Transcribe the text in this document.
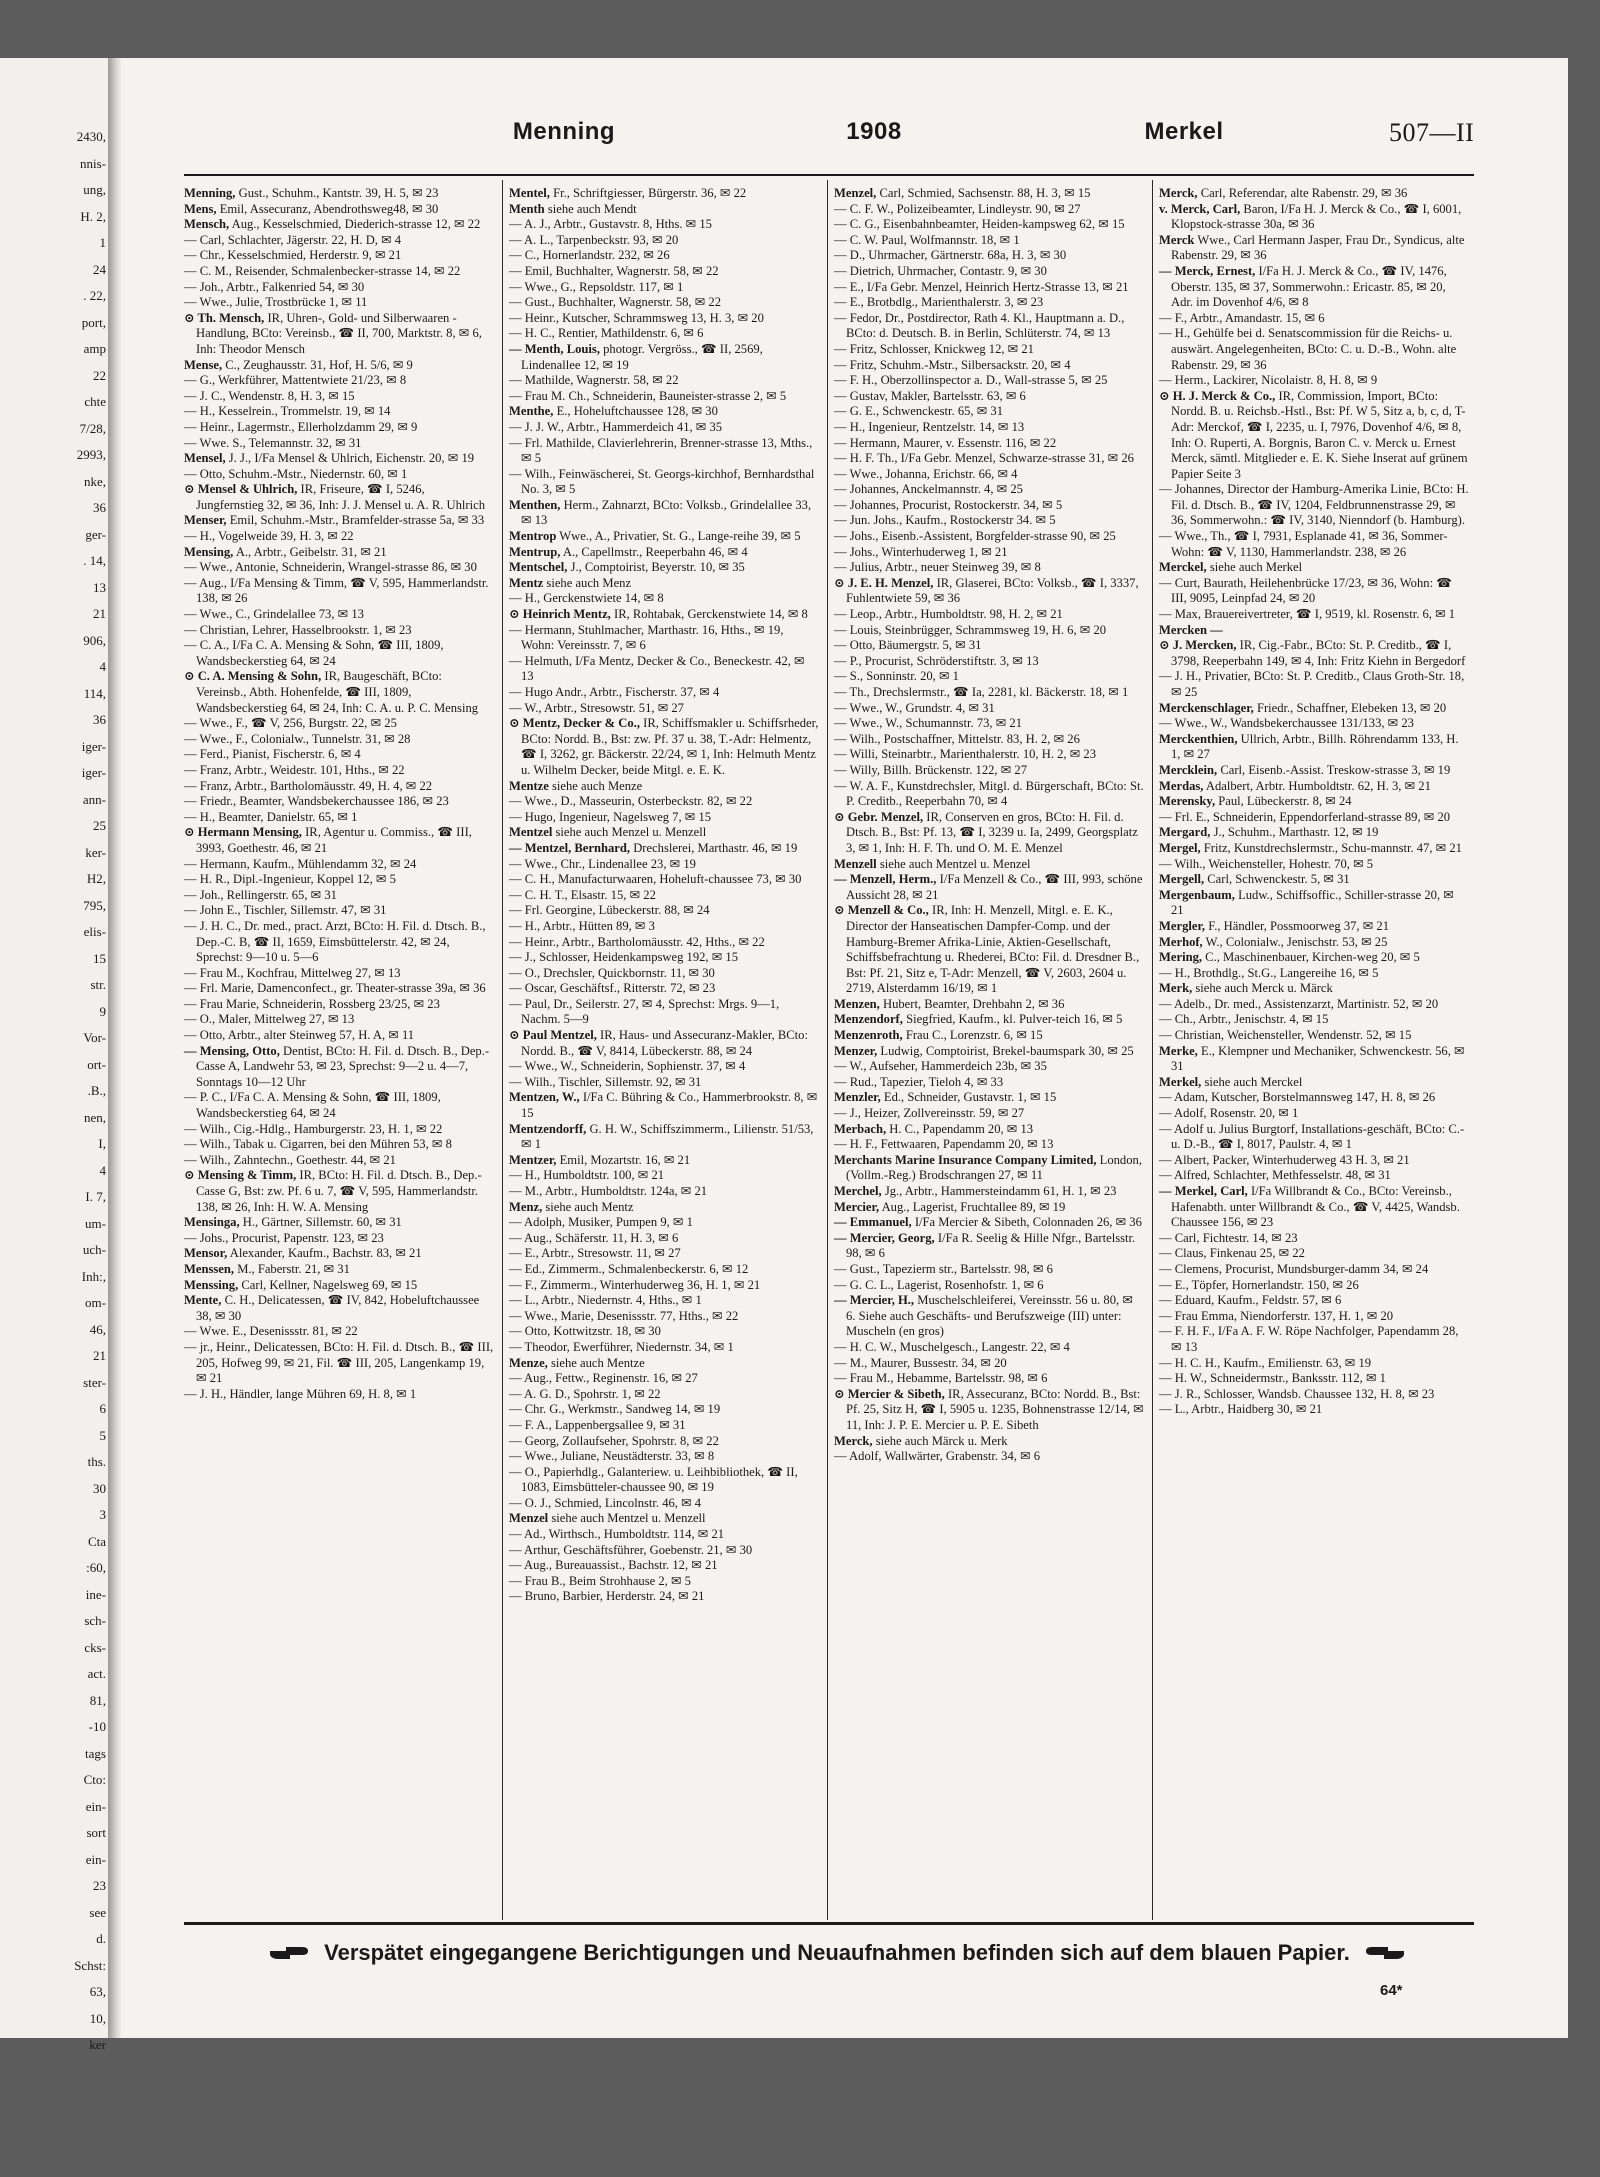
2430,
nnis-
ung,
H. 2,
1
24
. 22,
port,
amp
22
chte
7/28,
2993,
nke,
36
ger-
. 14,
13
21
906,
4
114,
36
iger-
iger-
ann-
25
ker-
H2,
795,
elis-
15
str.
9
Vor-
ort-
.B.,
nen,
I,
4
I. 7,
um-
uch-
Inh:,
om-
46,
21
ster-
6
5
ths.
30
3
Cta
:60,
ine-
sch-
cks-
act.
81,
-10
tags
Cto:
ein-
sort
ein-
23
see
d.
Schst:
63,
10,
ker
Menning	1908	Merkel	507—II

Menning, Gust., Schuhm., Kantstr. 39, H. 5, ✉ 23

Mens, Emil, Assecuranz, Abendrothsweg48, ✉ 30

Mensch, Aug., Kesselschmied, Diederich-strasse 12, ✉ 22

— Carl, Schlachter, Jägerstr. 22, H. D, ✉ 4

— Chr., Kesselschmied, Herderstr. 9, ✉ 21

— C. M., Reisender, Schmalenbecker-strasse 14, ✉ 22

— Joh., Arbtr., Falkenried 54, ✉ 30

— Wwe., Julie, Trostbrücke 1, ✉ 11

⊙ Th. Mensch, IR, Uhren-, Gold- und Silberwaaren - Handlung, BCto: Vereinsb., ☎ II, 700, Marktstr. 8, ✉ 6, Inh: Theodor Mensch

Mense, C., Zeughausstr. 31, Hof, H. 5/6, ✉ 9

— G., Werkführer, Mattentwiete 21/23, ✉ 8

— J. C., Wendenstr. 8, H. 3, ✉ 15

— H., Kesselrein., Trommelstr. 19, ✉ 14

— Heinr., Lagermstr., Ellerholzdamm 29, ✉ 9

— Wwe. S., Telemannstr. 32, ✉ 31

Mensel, J. J., I/Fa Mensel & Uhlrich, Eichenstr. 20, ✉ 19

— Otto, Schuhm.-Mstr., Niedernstr. 60, ✉ 1

⊙ Mensel & Uhlrich, IR, Friseure, ☎ I, 5246, Jungfernstieg 32, ✉ 36, Inh: J. J. Mensel u. A. R. Uhlrich

Menser, Emil, Schuhm.-Mstr., Bramfelder-strasse 5a, ✉ 33

— H., Vogelweide 39, H. 3, ✉ 22

Mensing, A., Arbtr., Geibelstr. 31, ✉ 21

— Wwe., Antonie, Schneiderin, Wrangel-strasse 86, ✉ 30

— Aug., I/Fa Mensing & Timm, ☎ V, 595, Hammerlandstr. 138, ✉ 26

— Wwe., C., Grindelallee 73, ✉ 13

— Christian, Lehrer, Hasselbrookstr. 1, ✉ 23

— C. A., I/Fa C. A. Mensing & Sohn, ☎ III, 1809, Wandsbeckerstieg 64, ✉ 24

⊙ C. A. Mensing & Sohn, IR, Baugeschäft, BCto: Vereinsb., Abth. Hohenfelde, ☎ III, 1809, Wandsbeckerstieg 64, ✉ 24, Inh: C. A. u. P. C. Mensing

— Wwe., F., ☎ V, 256, Burgstr. 22, ✉ 25

— Wwe., F., Colonialw., Tunnelstr. 31, ✉ 28

— Ferd., Pianist, Fischerstr. 6, ✉ 4

— Franz, Arbtr., Weidestr. 101, Hths., ✉ 22

— Franz, Arbtr., Bartholomäusstr. 49, H. 4, ✉ 22

— Friedr., Beamter, Wandsbekerchaussee 186, ✉ 23

— H., Beamter, Danielstr. 65, ✉ 1

⊙ Hermann Mensing, IR, Agentur u. Commiss., ☎ III, 3993, Goethestr. 46, ✉ 21

— Hermann, Kaufm., Mühlendamm 32, ✉ 24

— H. R., Dipl.-Ingenieur, Koppel 12, ✉ 5

— Joh., Rellingerstr. 65, ✉ 31

— John E., Tischler, Sillemstr. 47, ✉ 31

— J. H. C., Dr. med., pract. Arzt, BCto: H. Fil. d. Dtsch. B., Dep.-C. B, ☎ II, 1659, Eimsbüttelerstr. 42, ✉ 24, Sprechst: 9—10 u. 5—6

— Frau M., Kochfrau, Mittelweg 27, ✉ 13

— Frl. Marie, Damenconfect., gr. Theater-strasse 39a, ✉ 36

— Frau Marie, Schneiderin, Rossberg 23/25, ✉ 23

— O., Maler, Mittelweg 27, ✉ 13

— Otto, Arbtr., alter Steinweg 57, H. A, ✉ 11

— Mensing, Otto, Dentist, BCto: H. Fil. d. Dtsch. B., Dep.-Casse A, Landwehr 53, ✉ 23, Sprechst: 9—2 u. 4—7, Sonntags 10—12 Uhr

— P. C., I/Fa C. A. Mensing & Sohn, ☎ III, 1809, Wandsbeckerstieg 64, ✉ 24

— Wilh., Cig.-Hdlg., Hamburgerstr. 23, H. 1, ✉ 22

— Wilh., Tabak u. Cigarren, bei den Mühren 53, ✉ 8

— Wilh., Zahntechn., Goethestr. 44, ✉ 21

⊙ Mensing & Timm, IR, BCto: H. Fil. d. Dtsch. B., Dep.-Casse G, Bst: zw. Pf. 6 u. 7, ☎ V, 595, Hammerlandstr. 138, ✉ 26, Inh: H. W. A. Mensing

Mensinga, H., Gärtner, Sillemstr. 60, ✉ 31

— Johs., Procurist, Papenstr. 123, ✉ 23

Mensor, Alexander, Kaufm., Bachstr. 83, ✉ 21

Menssen, M., Faberstr. 21, ✉ 31

Menssing, Carl, Kellner, Nagelsweg 69, ✉ 15

Mente, C. H., Delicatessen, ☎ IV, 842, Hobeluftchaussee 38, ✉ 30

— Wwe. E., Desenissstr. 81, ✉ 22

— jr., Heinr., Delicatessen, BCto: H. Fil. d. Dtsch. B., ☎ III, 205, Hofweg 99, ✉ 21, Fil. ☎ III, 205, Langenkamp 19, ✉ 21

— J. H., Händler, lange Mühren 69, H. 8, ✉ 1

Mentel, Fr., Schriftgiesser, Bürgerstr. 36, ✉ 22

Menth siehe auch Mendt

— A. J., Arbtr., Gustavstr. 8, Hths. ✉ 15

— A. L., Tarpenbeckstr. 93, ✉ 20

— C., Hornerlandstr. 232, ✉ 26

— Emil, Buchhalter, Wagnerstr. 58, ✉ 22

— Wwe., G., Repsoldstr. 117, ✉ 1

— Gust., Buchhalter, Wagnerstr. 58, ✉ 22

— Heinr., Kutscher, Schrammsweg 13, H. 3, ✉ 20

— H. C., Rentier, Mathildenstr. 6, ✉ 6

— Menth, Louis, photogr. Vergröss., ☎ II, 2569, Lindenallee 12, ✉ 19

— Mathilde, Wagnerstr. 58, ✉ 22

— Frau M. Ch., Schneiderin, Bauneister-strasse 2, ✉ 5

Menthe, E., Hoheluftchaussee 128, ✉ 30

— J. J. W., Arbtr., Hammerdeich 41, ✉ 35

— Frl. Mathilde, Clavierlehrerin, Brenner-strasse 13, Mths., ✉ 5

— Wilh., Feinwäscherei, St. Georgs-kirchhof, Bernhardsthal No. 3, ✉ 5

Menthen, Herm., Zahnarzt, BCto: Volksb., Grindelallee 33, ✉ 13

Mentrop Wwe., A., Privatier, St. G., Lange-reihe 39, ✉ 5

Mentrup, A., Capellmstr., Reeperbahn 46, ✉ 4

Mentschel, J., Comptoirist, Beyerstr. 10, ✉ 35

Mentz siehe auch Menz

— H., Gerckenstwiete 14, ✉ 8

⊙ Heinrich Mentz, IR, Rohtabak, Gerckenstwiete 14, ✉ 8

— Hermann, Stuhlmacher, Marthastr. 16, Hths., ✉ 19, Wohn: Vereinsstr. 7, ✉ 6

— Helmuth, I/Fa Mentz, Decker & Co., Beneckestr. 42, ✉ 13

— Hugo Andr., Arbtr., Fischerstr. 37, ✉ 4

— W., Arbtr., Stresowstr. 51, ✉ 27

⊙ Mentz, Decker & Co., IR, Schiffsmakler u. Schiffsrheder, BCto: Nordd. B., Bst: zw. Pf. 37 u. 38, T.-Adr: Helmentz, ☎ I, 3262, gr. Bäckerstr. 22/24, ✉ 1, Inh: Helmuth Mentz u. Wilhelm Decker, beide Mitgl. e. E. K.

Mentze siehe auch Menze

— Wwe., D., Masseurin, Osterbeckstr. 82, ✉ 22

— Hugo, Ingenieur, Nagelsweg 7, ✉ 15

Mentzel siehe auch Menzel u. Menzell

— Mentzel, Bernhard, Drechslerei, Marthastr. 46, ✉ 19

— Wwe., Chr., Lindenallee 23, ✉ 19

— C. H., Manufacturwaaren, Hoheluft-chaussee 73, ✉ 30

— C. H. T., Elsastr. 15, ✉ 22

— Frl. Georgine, Lübeckerstr. 88, ✉ 24

— H., Arbtr., Hütten 89, ✉ 3

— Heinr., Arbtr., Bartholomäusstr. 42, Hths., ✉ 22

— J., Schlosser, Heidenkampsweg 192, ✉ 15

— O., Drechsler, Quickbornstr. 11, ✉ 30

— Oscar, Geschäftsf., Ritterstr. 72, ✉ 23

— Paul, Dr., Seilerstr. 27, ✉ 4, Sprechst: Mrgs. 9—1, Nachm. 5—9

⊙ Paul Mentzel, IR, Haus- und Assecuranz-Makler, BCto: Nordd. B., ☎ V, 8414, Lübeckerstr. 88, ✉ 24

— Wwe., W., Schneiderin, Sophienstr. 37, ✉ 4

— Wilh., Tischler, Sillemstr. 92, ✉ 31

Mentzen, W., I/Fa C. Bühring & Co., Hammerbrookstr. 8, ✉ 15

Mentzendorff, G. H. W., Schiffszimmerm., Lilienstr. 51/53, ✉ 1

Mentzer, Emil, Mozartstr. 16, ✉ 21

— H., Humboldtstr. 100, ✉ 21

— M., Arbtr., Humboldtstr. 124a, ✉ 21

Menz, siehe auch Mentz

— Adolph, Musiker, Pumpen 9, ✉ 1

— Aug., Schäferstr. 11, H. 3, ✉ 6

— E., Arbtr., Stresowstr. 11, ✉ 27

— Ed., Zimmerm., Schmalenbeckerstr. 6, ✉ 12

— F., Zimmerm., Winterhuderweg 36, H. 1, ✉ 21

— L., Arbtr., Niedernstr. 4, Hths., ✉ 1

— Wwe., Marie, Desenissstr. 77, Hths., ✉ 22

— Otto, Kottwitzstr. 18, ✉ 30

— Theodor, Ewerführer, Niedernstr. 34, ✉ 1

Menze, siehe auch Mentze

— Aug., Fettw., Reginenstr. 16, ✉ 27

— A. G. D., Spohrstr. 1, ✉ 22

— Chr. G., Werkmstr., Sandweg 14, ✉ 19

— F. A., Lappenbergsallee 9, ✉ 31

— Georg, Zollaufseher, Spohrstr. 8, ✉ 22

— Wwe., Juliane, Neustädterstr. 33, ✉ 8

— O., Papierhdlg., Galanteriew. u. Leihbibliothek, ☎ II, 1083, Eimsbütteler-chaussee 90, ✉ 19

— O. J., Schmied, Lincolnstr. 46, ✉ 4

Menzel siehe auch Mentzel u. Menzell

— Ad., Wirthsch., Humboldtstr. 114, ✉ 21

— Arthur, Geschäftsführer, Goebenstr. 21, ✉ 30

— Aug., Bureauassist., Bachstr. 12, ✉ 21

— Frau B., Beim Strohhause 2, ✉ 5

— Bruno, Barbier, Herderstr. 24, ✉ 21

Menzel, Carl, Schmied, Sachsenstr. 88, H. 3, ✉ 15

— C. F. W., Polizeibeamter, Lindleystr. 90, ✉ 27

— C. G., Eisenbahnbeamter, Heiden-kampsweg 62, ✉ 15

— C. W. Paul, Wolfmannstr. 18, ✉ 1

— D., Uhrmacher, Gärtnerstr. 68a, H. 3, ✉ 30

— Dietrich, Uhrmacher, Contastr. 9, ✉ 30

— E., I/Fa Gebr. Menzel, Heinrich Hertz-Strasse 13, ✉ 21

— E., Brotbdlg., Marienthalerstr. 3, ✉ 23

— Fedor, Dr., Postdirector, Rath 4. Kl., Hauptmann a. D., BCto: d. Deutsch. B. in Berlin, Schlüterstr. 74, ✉ 13

— Fritz, Schlosser, Knickweg 12, ✉ 21

— Fritz, Schuhm.-Mstr., Silbersackstr. 20, ✉ 4

— F. H., Oberzollinspector a. D., Wall-strasse 5, ✉ 25

— Gustav, Makler, Bartelsstr. 63, ✉ 6

— G. E., Schwenckestr. 65, ✉ 31

— H., Ingenieur, Rentzelstr. 14, ✉ 13

— Hermann, Maurer, v. Essenstr. 116, ✉ 22

— H. F. Th., I/Fa Gebr. Menzel, Schwarze-strasse 31, ✉ 26

— Wwe., Johanna, Erichstr. 66, ✉ 4

— Johannes, Anckelmannstr. 4, ✉ 25

— Johannes, Procurist, Rostockerstr. 34, ✉ 5

— Jun. Johs., Kaufm., Rostockerstr 34. ✉ 5

— Johs., Eisenb.-Assistent, Borgfelder-strasse 90, ✉ 25

— Johs., Winterhuderweg 1, ✉ 21

— Julius, Arbtr., neuer Steinweg 39, ✉ 8

⊙ J. E. H. Menzel, IR, Glaserei, BCto: Volksb., ☎ I, 3337, Fuhlentwiete 59, ✉ 36

— Leop., Arbtr., Humboldtstr. 98, H. 2, ✉ 21

— Louis, Steinbrügger, Schrammsweg 19, H. 6, ✉ 20

— Otto, Bäumergstr. 5, ✉ 31

— P., Procurist, Schröderstiftstr. 3, ✉ 13

— S., Sonninstr. 20, ✉ 1

— Th., Drechslermstr., ☎ Ia, 2281, kl. Bäckerstr. 18, ✉ 1

— Wwe., W., Grundstr. 4, ✉ 31

— Wwe., W., Schumannstr. 73, ✉ 21

— Wilh., Postschaffner, Mittelstr. 83, H. 2, ✉ 26

— Willi, Steinarbtr., Marienthalerstr. 10, H. 2, ✉ 23

— Willy, Billh. Brückenstr. 122, ✉ 27

— W. A. F., Kunstdrechsler, Mitgl. d. Bürgerschaft, BCto: St. P. Creditb., Reeperbahn 70, ✉ 4

⊙ Gebr. Menzel, IR, Conserven en gros, BCto: H. Fil. d. Dtsch. B., Bst: Pf. 13, ☎ I, 3239 u. Ia, 2499, Georgsplatz 3, ✉ 1, Inh: H. F. Th. und O. M. E. Menzel

Menzell siehe auch Mentzel u. Menzel

— Menzell, Herm., I/Fa Menzell & Co., ☎ III, 993, schöne Aussicht 28, ✉ 21

⊙ Menzell & Co., IR, Inh: H. Menzell, Mitgl. e. E. K., Director der Hanseatischen Dampfer-Comp. und der Hamburg-Bremer Afrika-Linie, Aktien-Gesellschaft, Schiffsbefrachtung u. Rhederei, BCto: Fil. d. Dresdner B., Bst: Pf. 21, Sitz e, T-Adr: Menzell, ☎ V, 2603, 2604 u. 2719, Alsterdamm 16/19, ✉ 1

Menzen, Hubert, Beamter, Drehbahn 2, ✉ 36

Menzendorf, Siegfried, Kaufm., kl. Pulver-teich 16, ✉ 5

Menzenroth, Frau C., Lorenzstr. 6, ✉ 15

Menzer, Ludwig, Comptoirist, Brekel-baumspark 30, ✉ 25

— W., Aufseher, Hammerdeich 23b, ✉ 35

— Rud., Tapezier, Tieloh 4, ✉ 33

Menzler, Ed., Schneider, Gustavstr. 1, ✉ 15

— J., Heizer, Zollvereinsstr. 59, ✉ 27

Merbach, H. C., Papendamm 20, ✉ 13

— H. F., Fettwaaren, Papendamm 20, ✉ 13

Merchants Marine Insurance Company Limited, London, (Vollm.-Reg.) Brodschrangen 27, ✉ 11

Merchel, Jg., Arbtr., Hammersteindamm 61, H. 1, ✉ 23

Mercier, Aug., Lagerist, Fruchtallee 89, ✉ 19

— Emmanuel, I/Fa Mercier & Sibeth, Colonnaden 26, ✉ 36

— Mercier, Georg, I/Fa R. Seelig & Hille Nfgr., Bartelsstr. 98, ✉ 6

— Gust., Tapezierm str., Bartelsstr. 98, ✉ 6

— G. C. L., Lagerist, Rosenhofstr. 1, ✉ 6

— Mercier, H., Muschelschleiferei, Vereinsstr. 56 u. 80, ✉ 6. Siehe auch Geschäfts- und Berufszweige (III) unter: Muscheln (en gros)

— H. C. W., Muschelgesch., Langestr. 22, ✉ 4

— M., Maurer, Bussestr. 34, ✉ 20

— Frau M., Hebamme, Bartelsstr. 98, ✉ 6

⊙ Mercier & Sibeth, IR, Assecuranz, BCto: Nordd. B., Bst: Pf. 25, Sitz H, ☎ I, 5905 u. 1235, Bohnenstrasse 12/14, ✉ 11, Inh: J. P. E. Mercier u. P. E. Sibeth

Merck, siehe auch Märck u. Merk

— Adolf, Wallwärter, Grabenstr. 34, ✉ 6

Merck, Carl, Referendar, alte Rabenstr. 29, ✉ 36

v. Merck, Carl, Baron, I/Fa H. J. Merck & Co., ☎ I, 6001, Klopstock-strasse 30a, ✉ 36

Merck Wwe., Carl Hermann Jasper, Frau Dr., Syndicus, alte Rabenstr. 29, ✉ 36

— Merck, Ernest, I/Fa H. J. Merck & Co., ☎ IV, 1476, Oberstr. 135, ✉ 37, Sommerwohn.: Ericastr. 85, ✉ 20, Adr. im Dovenhof 4/6, ✉ 8

— F., Arbtr., Amandastr. 15, ✉ 6

— H., Gehülfe bei d. Senatscommission für die Reichs- u. auswärt. Angelegenheiten, BCto: C. u. D.-B., Wohn. alte Rabenstr. 29, ✉ 36

— Herm., Lackirer, Nicolaistr. 8, H. 8, ✉ 9

⊙ H. J. Merck & Co., IR, Commission, Import, BCto: Nordd. B. u. Reichsb.-Hstl., Bst: Pf. W 5, Sitz a, b, c, d, T-Adr: Merckof, ☎ I, 2235, u. I, 7976, Dovenhof 4/6, ✉ 8, Inh: O. Ruperti, A. Borgnis, Baron C. v. Merck u. Ernest Merck, sämtl. Mitglieder e. E. K. Siehe Inserat auf grünem Papier Seite 3

— Johannes, Director der Hamburg-Amerika Linie, BCto: H. Fil. d. Dtsch. B., ☎ IV, 1204, Feldbrunnenstrasse 29, ✉ 36, Sommerwohn.: ☎ IV, 3140, Nienndorf (b. Hamburg).

— Wwe., Th., ☎ I, 7931, Esplanade 41, ✉ 36, Sommer-Wohn: ☎ V, 1130, Hammerlandstr. 238, ✉ 26

Merckel, siehe auch Merkel

— Curt, Baurath, Heilehenbrücke 17/23, ✉ 36, Wohn: ☎ III, 9095, Leinpfad 24, ✉ 20

— Max, Brauereivertreter, ☎ I, 9519, kl. Rosenstr. 6, ✉ 1

Mercken —

⊙ J. Mercken, IR, Cig.-Fabr., BCto: St. P. Creditb., ☎ I, 3798, Reeperbahn 149, ✉ 4, Inh: Fritz Kiehn in Bergedorf

— J. H., Privatier, BCto: St. P. Creditb., Claus Groth-Str. 18, ✉ 25

Merckenschlager, Friedr., Schaffner, Elebeken 13, ✉ 20

— Wwe., W., Wandsbekerchaussee 131/133, ✉ 23

Merckenthien, Ullrich, Arbtr., Billh. Röhrendamm 133, H. 1, ✉ 27

Mercklein, Carl, Eisenb.-Assist. Treskow-strasse 3, ✉ 19

Merdas, Adalbert, Arbtr. Humboldtstr. 62, H. 3, ✉ 21

Merensky, Paul, Lübeckerstr. 8, ✉ 24

— Frl. E., Schneiderin, Eppendorferland-strasse 89, ✉ 20

Mergard, J., Schuhm., Marthastr. 12, ✉ 19

Mergel, Fritz, Kunstdrechslermstr., Schu-mannstr. 47, ✉ 21

— Wilh., Weichensteller, Hohestr. 70, ✉ 5

Mergell, Carl, Schwenckestr. 5, ✉ 31

Mergenbaum, Ludw., Schiffsoffic., Schiller-strasse 20, ✉ 21

Mergler, F., Händler, Possmoorweg 37, ✉ 21

Merhof, W., Colonialw., Jenischstr. 53, ✉ 25

Mering, C., Maschinenbauer, Kirchen-weg 20, ✉ 5

— H., Brothdlg., St.G., Langereihe 16, ✉ 5

Merk, siehe auch Merck u. Märck

— Adelb., Dr. med., Assistenzarzt, Martinistr. 52, ✉ 20

— Ch., Arbtr., Jenischstr. 4, ✉ 15

— Christian, Weichensteller, Wendenstr. 52, ✉ 15

Merke, E., Klempner und Mechaniker, Schwenckestr. 56, ✉ 31

Merkel, siehe auch Merckel

— Adam, Kutscher, Borstelmannsweg 147, H. 8, ✉ 26

— Adolf, Rosenstr. 20, ✉ 1

— Adolf u. Julius Burgtorf, Installations-geschäft, BCto: C.- u. D.-B., ☎ I, 8017, Paulstr. 4, ✉ 1

— Albert, Packer, Winterhuderweg 43 H. 3, ✉ 21

— Alfred, Schlachter, Methfesselstr. 48, ✉ 31

— Merkel, Carl, I/Fa Willbrandt & Co., BCto: Vereinsb., Hafenabth. unter Willbrandt & Co., ☎ V, 4425, Wandsb. Chaussee 156, ✉ 23

— Carl, Fichtestr. 14, ✉ 23

— Claus, Finkenau 25, ✉ 22

— Clemens, Procurist, Mundsburger-damm 34, ✉ 24

— E., Töpfer, Hornerlandstr. 150, ✉ 26

— Eduard, Kaufm., Feldstr. 57, ✉ 6

— Frau Emma, Niendorferstr. 137, H. 1, ✉ 20

— F. H. F., I/Fa A. F. W. Röpe Nachfolger, Papendamm 28, ✉ 13

— H. C. H., Kaufm., Emilienstr. 63, ✉ 19

— H. W., Schneidermstr., Banksstr. 112, ✉ 1

— J. R., Schlosser, Wandsb. Chaussee 132, H. 8, ✉ 23

— L., Arbtr., Haidberg 30, ✉ 21

Verspätet eingegangene Berichtigungen und Neuaufnahmen befinden sich auf dem blauen Papier.
64*
